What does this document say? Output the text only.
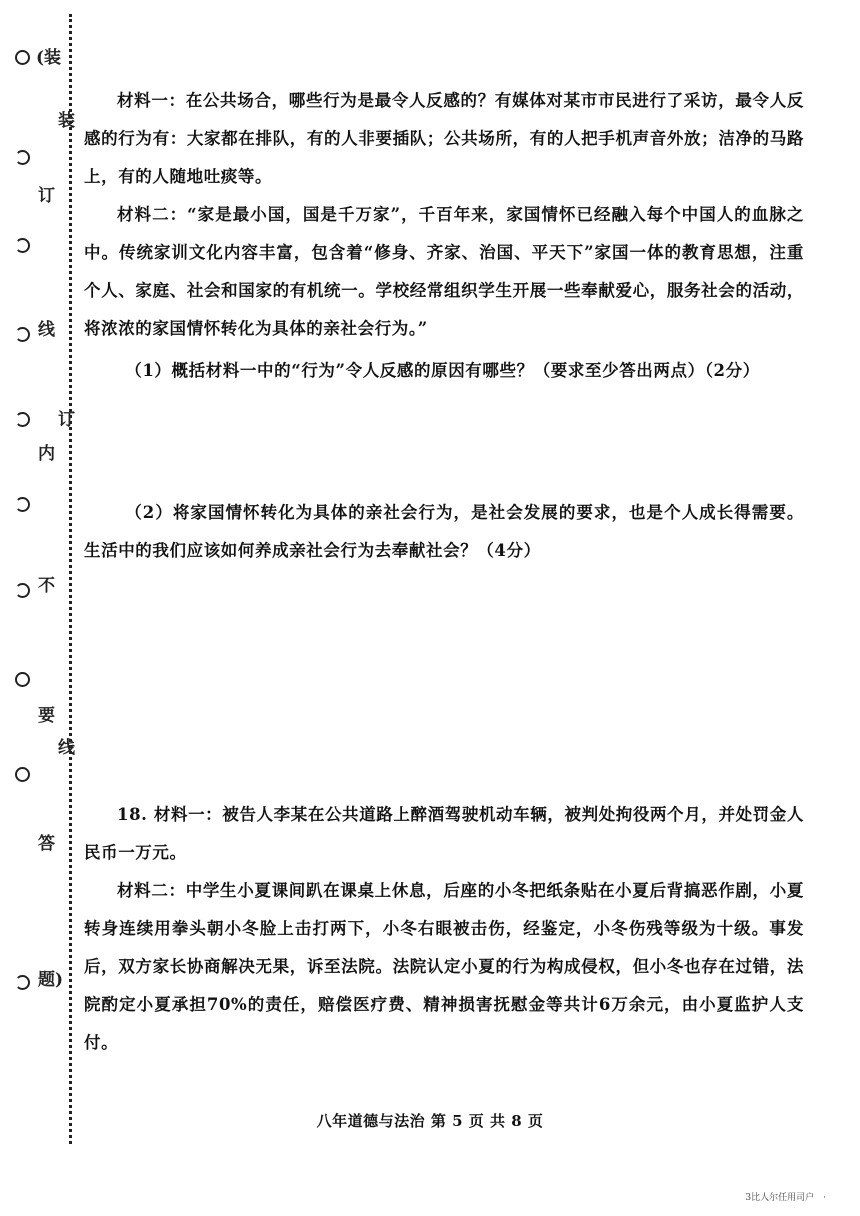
(装
订
线
内
不
要
答
题)
装
订
线

材料一：在公共场合，哪些行为是最令人反感的？有媒体对某市市民进行了采访，最令人反感的行为有：大家都在排队，有的人非要插队；公共场所，有的人把手机声音外放；洁净的马路上，有的人随地吐痰等。

材料二：“家是最小国，国是千万家”，千百年来，家国情怀已经融入每个中国人的血脉之中。传统家训文化内容丰富，包含着“修身、齐家、治国、平天下”家国一体的教育思想，注重个人、家庭、社会和国家的有机统一。学校经常组织学生开展一些奉献爱心，服务社会的活动，将浓浓的家国情怀转化为具体的亲社会行为。”

（1）概括材料一中的“行为”令人反感的原因有哪些？（要求至少答出两点）（2分）

（2）将家国情怀转化为具体的亲社会行为，是社会发展的要求，也是个人成长得需要。生活中的我们应该如何养成亲社会行为去奉献社会？（4分）

18. 材料一：被告人李某在公共道路上醉酒驾驶机动车辆，被判处拘役两个月，并处罚金人民币一万元。

材料二：中学生小夏课间趴在课桌上休息，后座的小冬把纸条贴在小夏后背搞恶作剧，小夏转身连续用拳头朝小冬脸上击打两下，小冬右眼被击伤，经鉴定，小冬伤残等级为十级。事发后，双方家长协商解决无果，诉至法院。法院认定小夏的行为构成侵权，但小冬也存在过错，法院酌定小夏承担70%的责任，赔偿医疗费、精神损害抚慰金等共计6万余元，由小夏监护人支付。

八年道德与法治 第 5 页 共 8 页
3比人尔任用司户　·
